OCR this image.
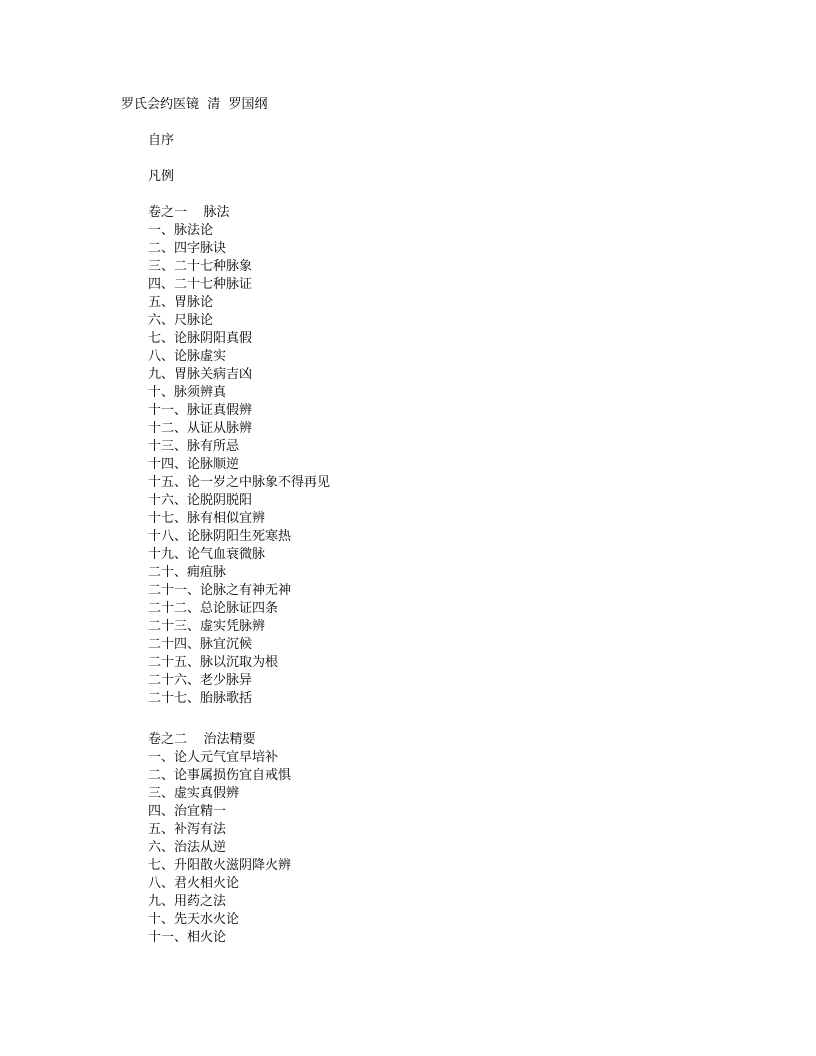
罗氏会约医镜  清  罗国纲
自序
凡例
卷之一    脉法
一、脉法论
二、四字脉诀
三、二十七种脉象
四、二十七种脉证
五、胃脉论
六、尺脉论
七、论脉阴阳真假
八、论脉虚实
九、胃脉关病吉凶
十、脉须辨真
十一、脉证真假辨
十二、从证从脉辨
十三、脉有所忌
十四、论脉顺逆
十五、论一岁之中脉象不得再见
十六、论脱阴脱阳
十七、脉有相似宜辨
十八、论脉阴阳生死寒热
十九、论气血衰微脉
二十、痈疽脉
二十一、论脉之有神无神
二十二、总论脉证四条
二十三、虚实凭脉辨
二十四、脉宜沉候
二十五、脉以沉取为根
二十六、老少脉异
二十七、胎脉歌括
卷之二    治法精要
一、论人元气宜早培补
二、论事属损伤宜自戒惧
三、虚实真假辨
四、治宜精一
五、补泻有法
六、治法从逆
七、升阳散火滋阴降火辨
八、君火相火论
九、用药之法
十、先天水火论
十一、相火论
